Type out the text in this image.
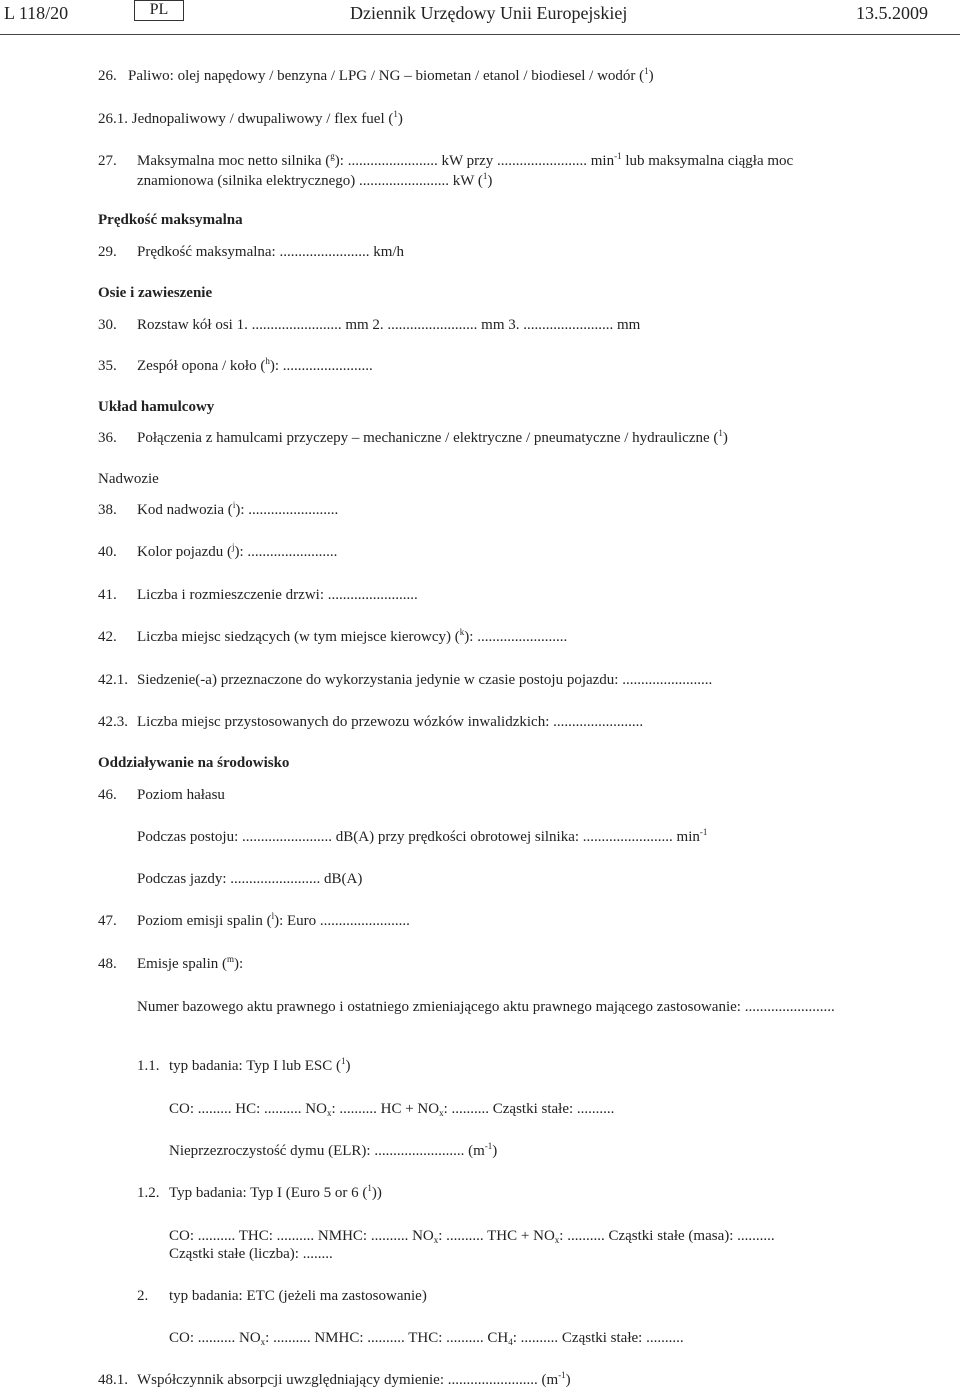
L 118/20	PL	Dziennik Urzędowy Unii Europejskiej	13.5.2009
26. Paliwo: olej napędowy / benzyna / LPG / NG – biometan / etanol / biodiesel / wodór ($^1$)
26.1. Jednopaliwowy / dwupaliwowy / flex fuel ($^1$)
27. Maksymalna moc netto silnika ($^g$): ........................ kW przy ........................ $\min^{-1}$ lub maksymalna ciągła moc
znamionowa (silnika elektrycznego) ........................ kW ($^1$)
Prędkość maksymalna
29. Prędkość maksymalna: ........................ km/h
Osie i zawieszenie
30. Rozstaw kół osi 1. ........................ mm 2. ........................ mm 3. ........................ mm
35. Zespół opona / koło ($^h$): ........................
Układ hamulcowy
36. Połączenia z hamulcami przyczepy – mechaniczne / elektryczne / pneumatyczne / hydrauliczne ($^1$)
Nadwozie
38. Kod nadwozia ($^i$): ........................
40. Kolor pojazdu ($^j$): ........................
41. Liczba i rozmieszczenie drzwi: ........................
42. Liczba miejsc siedzących (w tym miejsce kierowcy) ($^k$): ........................
42.1. Siedzenie(-a) przeznaczone do wykorzystania jedynie w czasie postoju pojazdu: ........................
42.3. Liczba miejsc przystosowanych do przewozu wózków inwalidzkich: ........................
Oddziaływanie na środowisko
46. Poziom hałasu
Podczas postoju: ........................ dB(A) przy prędkości obrotowej silnika: ........................ $\min^{-1}$
Podczas jazdy: ........................ dB(A)
47. Poziom emisji spalin ($^l$): Euro ........................
48. Emisje spalin ($^m$):
Numer bazowego aktu prawnego i ostatniego zmieniającego aktu prawnego mającego zastosowanie: ........................
1.1. typ badania: Typ I lub ESC ($^1$)
CO: ......... HC: .......... $NO_x$: .......... HC + $NO_x$: .......... Cząstki stałe: ..........
Nieprzezroczystość dymu (ELR): ........................ $(m^{-1})$
1.2. Typ badania: Typ I (Euro 5 or 6 ($^1$))
CO: .......... THC: .......... NMHC: .......... $NO_x$: .......... THC + $NO_x$: .......... Cząstki stałe (masa): ..........
Cząstki stałe (liczba): ........
2. typ badania: ETC (jeżeli ma zastosowanie)
CO: .......... $NO_x$: .......... NMHC: .......... THC: .......... $CH_4$: .......... Cząstki stałe: ..........
48.1. Współczynnik absorpcji uwzględniający dymienie: ........................ $(m^{-1})$
